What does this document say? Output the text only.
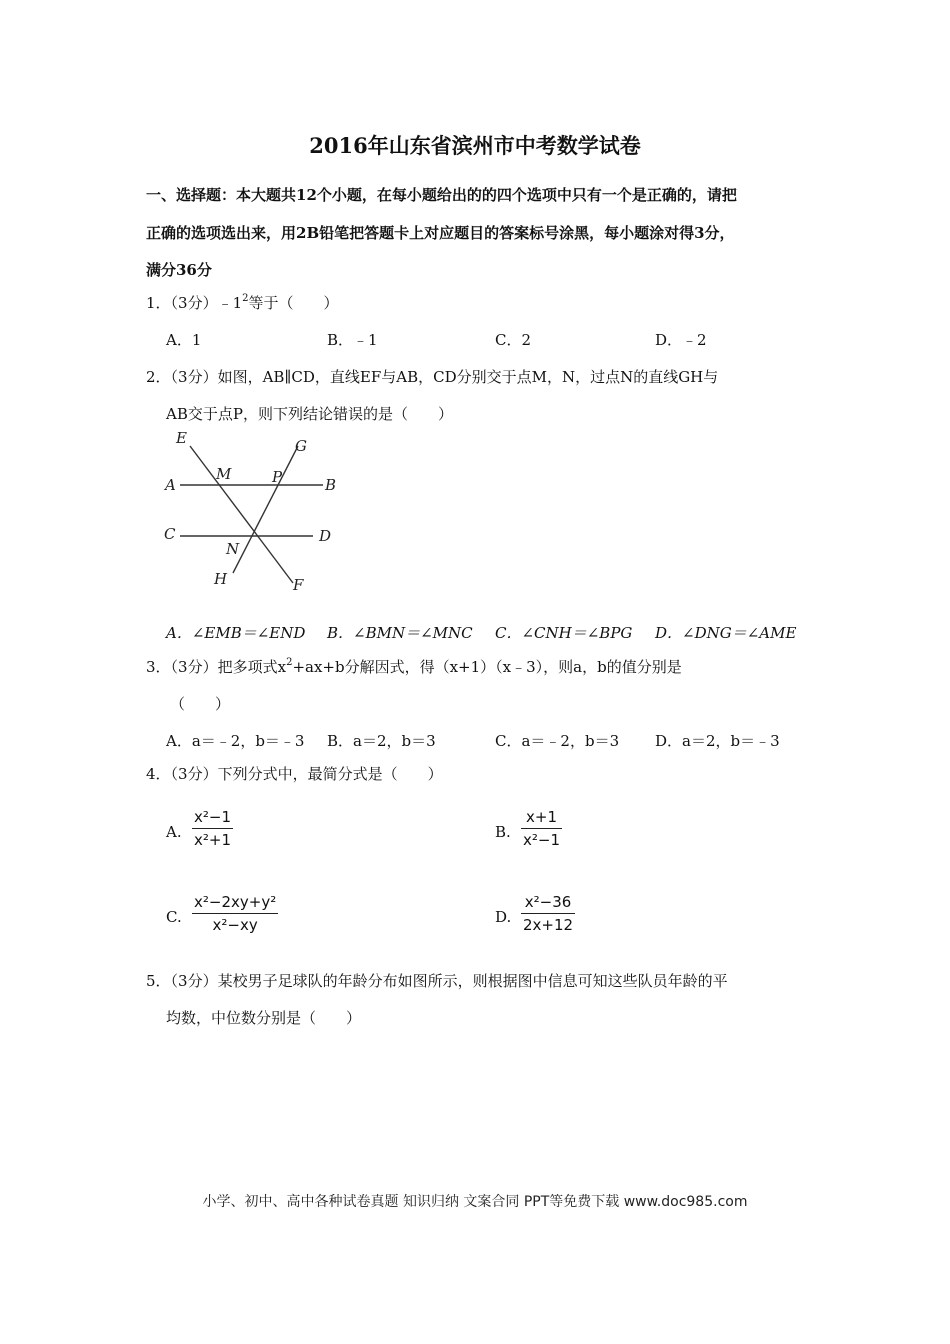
2016年山东省滨州市中考数学试卷
一、选择题：本大题共12个小题，在每小题给出的的四个选项中只有一个是正确的，请把
正确的选项选出来，用2B铅笔把答题卡上对应题目的答案标号涂黑，每小题涂对得3分，
满分36分
1．（3分）$﹣1^2$等于（　　）
A．1	B．﹣1	C．2	D．﹣2
2．（3分）如图，AB∥CD，直线EF与AB，CD分别交于点M，N，过点N的直线GH与
AB交于点P，则下列结论错误的是（　　）
E
M	P
G
A	B
C	D
N
H	F
A．∠EMB＝∠END B．∠BMN＝∠MNC C．∠CNH＝∠BPG D．∠DNG＝∠AME
3．（3分）把多项式$x^2+ax+b$分解因式，得（x+1）（x﹣3），则a，b的值分别是
（　　）
A．a＝﹣2，b＝﹣3 B．a＝2，b＝3	C．a＝﹣2，b＝3 D．a＝2，b＝﹣3
4．（3分）下列分式中，最简分式是（　　）
A. $\frac{\text{x²−1}}{\text{x²+1}}$	B. $\frac{x+1}{\text{x²−1}}$
C. $\frac{\text{x²−2xy+y²}}{\text{x²−xy}}$	D. $\frac{\text{x²−36}}{2x+12}$
5．（3分）某校男子足球队的年龄分布如图所示，则根据图中信息可知这些队员年龄的平
均数，中位数分别是（　　）
小学、初中、高中各种试卷真题 知识归纳 文案合同 PPT等免费下载 www.doc985.com
